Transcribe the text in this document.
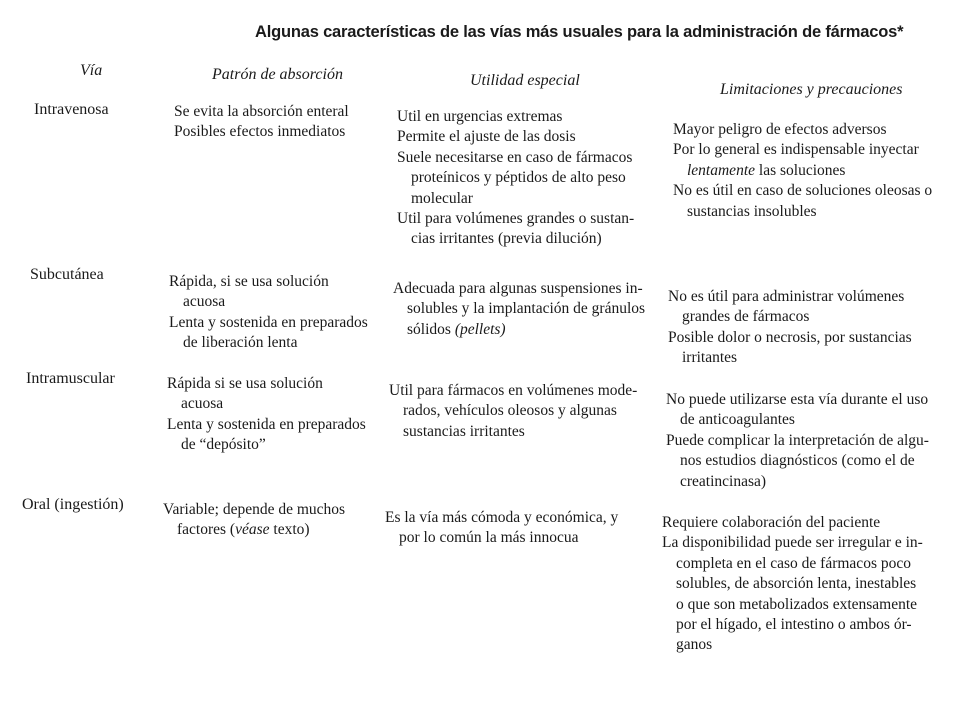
Algunas características de las vías más usuales para la administración de fármacos*
Vía	Patrón de absorción	Utilidad especial
Limitaciones y precauciones
Intravenosa
Subcutánea
Intramuscular
Oral (ingestión)
Se evita la absorción enteral
Posibles efectos inmediatos
Util en urgencias extremas
Permite el ajuste de las dosis
Suele necesitarse en caso de fármacos
proteínicos y péptidos de alto peso
molecular
Util para volúmenes grandes o sustan-
cias irritantes (previa dilución)
Mayor peligro de efectos adversos
Por lo general es indispensable inyectar
lentamente las soluciones
No es útil en caso de soluciones oleosas o
sustancias insolubles
Rápida, si se usa solución
acuosa
Lenta y sostenida en preparados
de liberación lenta
Adecuada para algunas suspensiones in-
solubles y la implantación de gránulos
sólidos (pellets)
No es útil para administrar volúmenes
grandes de fármacos
Posible dolor o necrosis, por sustancias
irritantes
Rápida si se usa solución
acuosa
Lenta y sostenida en preparados
de “depósito”
Util para fármacos en volúmenes mode-
rados, vehículos oleosos y algunas
sustancias irritantes
No puede utilizarse esta vía durante el uso
de anticoagulantes
Puede complicar la interpretación de algu-
nos estudios diagnósticos (como el de
creatincinasa)
Variable; depende de muchos
factores (véase texto)
Es la vía más cómoda y económica, y
por lo común la más innocua
Requiere colaboración del paciente
La disponibilidad puede ser irregular e in-
completa en el caso de fármacos poco
solubles, de absorción lenta, inestables
o que son metabolizados extensamente
por el hígado, el intestino o ambos ór-
ganos
